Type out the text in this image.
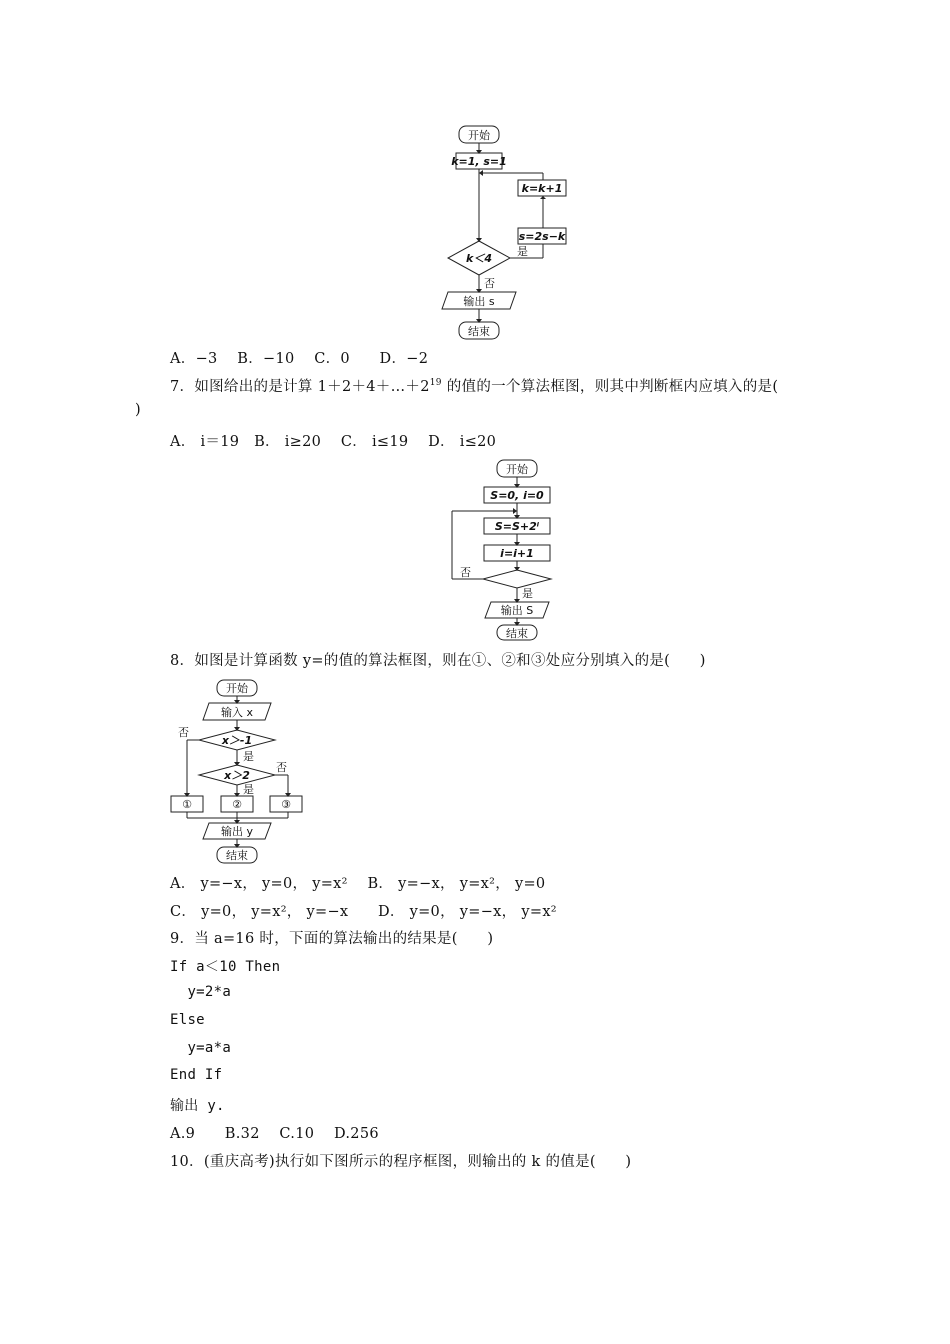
开始
k=1, s=1
k=k+1
s=2s−k
k＜4
是
否
输出 s
结束
A．−3　 B．−10　 C．0　　D．−2
7．如图给出的是计算 $1+2+4+\dots+2^{19}$ 的值的一个算法框图，则其中判断框内应填入的是(
)
A． i＝19　B． i≥20　 C． i≤19　 D． i≤20
开始
S=0, i=0
S=S+2ⁱ
i=i+1
否
是
输出 S
结束
8．如图是计算函数 y=的值的算法框图，则在①、②和③处应分别填入的是(　　)
开始
输入 x
x＞-1
x＞2
否
是
否
是
①	②	③
输出 y
结束
A． y=−x， y=0， y=x²　 B． y=−x， y=x²， y=0
C． y=0， y=x²， y=−x　　D． y=0， y=−x， y=x²
9．当 a=16 时，下面的算法输出的结果是(　　)
If a＜10 Then
y=2*a
Else
y=a*a
End If
输出 y.
A.9　　B.32　 C.10　 D.256
10．(重庆高考)执行如下图所示的程序框图，则输出的 k 的值是(　　)
